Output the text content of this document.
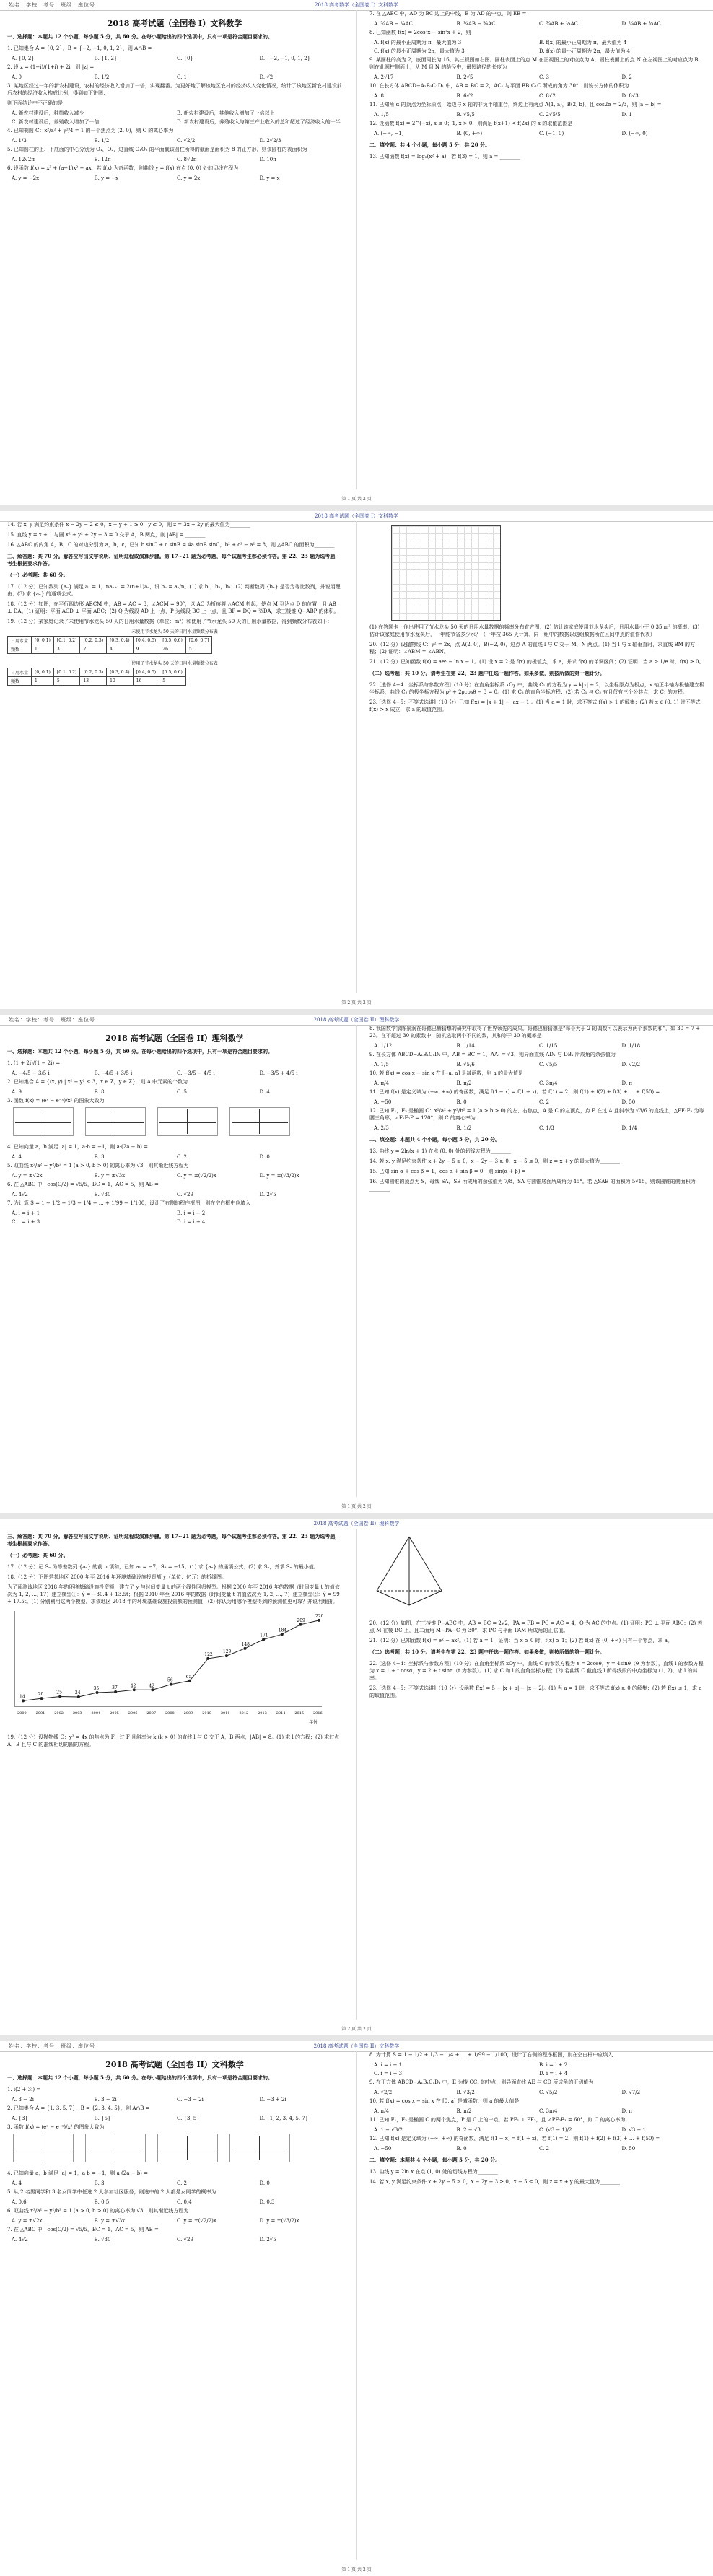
姓名：学校：考号：班级：座位号	2018 高考数学（全国卷 I）文科数学
2018 高考试题（全国卷 I）文科数学
一、选择题：本题共 12 个小题，每小题 5 分，共 60 分。在每小题给出的四个选项中，只有一项是符合题目要求的。
1. 已知集合 A = {0, 2}，B = {−2, −1, 0, 1, 2}，则 A∩B =
A. {0, 2}	B. {1, 2}	C. {0}	D. {−2, −1, 0, 1, 2}
2. 设 z = (1−i)/(1+i) + 2i，则 |z| =
A. 0	B. 1/2	C. 1	D. √2
3. 某地区经过一年的新农村建设，农村的经济收入增加了一倍，实现翻番。为更好地了解该地区农村的经济收入变化情况，统计了该地区新农村建设前后农村的经济收入构成比例，得到如下饼图：
则下面结论中不正确的是
A. 新农村建设后，种植收入减少	B. 新农村建设后，其他收入增加了一倍以上
C. 新农村建设后，养殖收入增加了一倍	D. 新农村建设后，养殖收入与第三产业收入的总和超过了经济收入的一半
4. 已知椭圆 C：x²/a² + y²/4 = 1 的一个焦点为 (2, 0)，则 C 的离心率为
A. 1/3	B. 1/2	C. √2/2	D. 2√2/3
5. 已知圆柱的上、下底面的中心分别为 O₁，O₂，过直线 O₁O₂ 的平面截该圆柱所得的截面是面积为 8 的正方形，则该圆柱的表面积为
A. 12√2π	B. 12π	C. 8√2π	D. 10π
6. 设函数 f(x) = x³ + (a−1)x² + ax，若 f(x) 为奇函数，则曲线 y = f(x) 在点 (0, 0) 处的切线方程为
A. y = −2x	B. y = −x	C. y = 2x	D. y = x
7. 在 △ABC 中，AD 为 BC 边上的中线，E 为 AD 的中点，则 EB =
A. ¾AB − ¼AC	B. ¼AB − ¾AC	C. ¾AB + ¼AC	D. ¼AB + ¾AC
8. 已知函数 f(x) = 2cos²x − sin²x + 2，则
A. f(x) 的最小正周期为 π，最大值为 3	B. f(x) 的最小正周期为 π，最大值为 4
C. f(x) 的最小正周期为 2π，最大值为 3	D. f(x) 的最小正周期为 2π，最大值为 4
9. 某圆柱的高为 2，底面周长为 16，其三视图如右图。圆柱表面上的点 M 在正视图上的对应点为 A，圆柱表面上的点 N 在左视图上的对应点为 B，则在此圆柱侧面上，从 M 到 N 的路径中，最短路径的长度为
A. 2√17	B. 2√5	C. 3	D. 2
10. 在长方体 ABCD−A₁B₁C₁D₁ 中，AB = BC = 2，AC₁ 与平面 BB₁C₁C 所成的角为 30°，则该长方体的体积为
A. 8	B. 6√2	C. 8√2	D. 8√3
11. 已知角 α 的顶点为坐标原点，始边与 x 轴的非负半轴重合，终边上有两点 A(1, a)，B(2, b)，且 cos2α = 2/3，则 |a − b| =
A. 1/5	B. √5/5	C. 2√5/5	D. 1
12. 设函数 f(x) = 2^(−x), x ≤ 0；1, x > 0，则满足 f(x+1) < f(2x) 的 x 的取值范围是
A. (−∞, −1]	B. (0, +∞)	C. (−1, 0)	D. (−∞, 0)
二、填空题：共 4 个小题，每小题 5 分，共 20 分。
13. 已知函数 f(x) = log₂(x² + a)，若 f(3) = 1，则 a = ________
第 1 页 共 2 页
2018 高考试题（全国卷 I）文科数学
14. 若 x, y 满足约束条件 x − 2y − 2 ≤ 0，x − y + 1 ≥ 0，y ≤ 0，则 z = 3x + 2y 的最大值为________
15. 直线 y = x + 1 与圆 x² + y² + 2y − 3 = 0 交于 A，B 两点，则 |AB| = ________
16. △ABC 的内角 A，B，C 的对边分别为 a，b，c，已知 b sinC + c sinB = 4a sinB sinC，b² + c² − a² = 8，则 △ABC 的面积为________
三、解答题：共 70 分。解答应写出文字说明、证明过程或演算步骤。第 17~21 题为必考题，每个试题考生都必须作答。第 22、23 题为选考题，考生根据要求作答。
（一）必考题：共 60 分。
17.（12 分）已知数列 {aₙ} 满足 a₁ = 1，naₙ₊₁ = 2(n+1)aₙ，设 bₙ = aₙ/n。(1) 求 b₁，b₂，b₃；(2) 判断数列 {bₙ} 是否为等比数列，并说明理由；(3) 求 {aₙ} 的通项公式。
18.（12 分）如图，在平行四边形 ABCM 中，AB = AC = 3，∠ACM = 90°，以 AC 为折痕将 △ACM 折起，使点 M 到达点 D 的位置，且 AB ⊥ DA。(1) 证明：平面 ACD ⊥ 平面 ABC；(2) Q 为线段 AD 上一点，P 为线段 BC 上一点，且 BP = DQ = ⅔DA，求三棱锥 Q−ABP 的体积。
19.（12 分）某家庭记录了未使用节水龙头 50 天的日用水量数据（单位：m³）和使用了节水龙头 50 天的日用水量数据，得到频数分布表如下：
未使用节水龙头 50 天的日用水量频数分布表
日用水量	[0, 0.1)	[0.1, 0.2)	[0.2, 0.3)	[0.3, 0.4)	[0.4, 0.5)	[0.5, 0.6)	[0.6, 0.7]
频数	1	3	2	4	9	26	5
使用了节水龙头 50 天的日用水量频数分布表
日用水量	[0, 0.1)	[0.1, 0.2)	[0.2, 0.3)	[0.3, 0.4)	[0.4, 0.5)	[0.5, 0.6)
频数	1	5	13	10	16	5
(1) 在答题卡上作出使用了节水龙头 50 天的日用水量数据的频率分布直方图；(2) 估计该家庭使用节水龙头后，日用水量小于 0.35 m³ 的概率；(3) 估计该家庭使用节水龙头后，一年能节省多少水？（一年按 365 天计算，同一组中的数据以这组数据所在区间中点的值作代表）
20.（12 分）设抛物线 C：y² = 2x，点 A(2, 0)，B(−2, 0)，过点 A 的直线 l 与 C 交于 M，N 两点。(1) 当 l 与 x 轴垂直时，求直线 BM 的方程；(2) 证明：∠ABM = ∠ABN。
21.（12 分）已知函数 f(x) = aeˣ − ln x − 1。(1) 设 x = 2 是 f(x) 的极值点，求 a，并求 f(x) 的单调区间；(2) 证明：当 a ≥ 1/e 时，f(x) ≥ 0。
（二）选考题：共 10 分。请考生在第 22、23 题中任选一题作答。如果多做，则按所做的第一题计分。
22. [选修 4−4：坐标系与参数方程]（10 分）在直角坐标系 xOy 中，曲线 C₁ 的方程为 y = k|x| + 2，以坐标原点为极点，x 轴正半轴为极轴建立极坐标系，曲线 C₂ 的极坐标方程为 ρ² + 2ρcosθ − 3 = 0。(1) 求 C₂ 的直角坐标方程；(2) 若 C₁ 与 C₂ 有且仅有三个公共点，求 C₁ 的方程。
23. [选修 4−5：不等式选讲]（10 分）已知 f(x) = |x + 1| − |ax − 1|。(1) 当 a = 1 时，求不等式 f(x) > 1 的解集；(2) 若 x ∈ (0, 1) 时不等式 f(x) > x 成立，求 a 的取值范围。
第 2 页 共 2 页
姓名：学校：考号：班级：座位号	2018 高考试题（全国卷 II）理科数学
2018 高考试题（全国卷 II）理科数学
一、选择题：本题共 12 个小题，每小题 5 分，共 60 分。在每小题给出的四个选项中，只有一项是符合题目要求的。
1. (1 + 2i)/(1 − 2i) =
A. −4/5 − 3/5 i	B. −4/5 + 3/5 i	C. −3/5 − 4/5 i	D. −3/5 + 4/5 i
2. 已知集合 A = {(x, y) | x² + y² ≤ 3，x ∈ Z，y ∈ Z}，则 A 中元素的个数为
A. 9	B. 8	C. 5	D. 4
3. 函数 f(x) = (eˣ − e⁻ˣ)/x² 的图象大致为
4. 已知向量 a，b 满足 |a| = 1，a·b = −1，则 a·(2a − b) =
A. 4	B. 3	C. 2	D. 0
5. 双曲线 x²/a² − y²/b² = 1 (a > 0, b > 0) 的离心率为 √3，则其渐近线方程为
A. y = ±√2x	B. y = ±√3x	C. y = ±(√2/2)x	D. y = ±(√3/2)x
6. 在 △ABC 中，cos(C/2) = √5/5，BC = 1，AC = 5，则 AB =
A. 4√2	B. √30	C. √29	D. 2√5
7. 为计算 S = 1 − 1/2 + 1/3 − 1/4 + … + 1/99 − 1/100，设计了右侧的程序框图，则在空白框中应填入
A. i = i + 1	B. i = i + 2
C. i = i + 3	D. i = i + 4
8. 我国数学家陈景润在哥德巴赫猜想的研究中取得了世界领先的成果。哥德巴赫猜想是“每个大于 2 的偶数可以表示为两个素数的和”，如 30 = 7 + 23。在不超过 30 的素数中，随机选取两个不同的数，其和等于 30 的概率是
A. 1/12	B. 1/14	C. 1/15	D. 1/18
9. 在长方体 ABCD−A₁B₁C₁D₁ 中，AB = BC = 1，AA₁ = √3，则异面直线 AD₁ 与 DB₁ 所成角的余弦值为
A. 1/5	B. √5/6	C. √5/5	D. √2/2
10. 若 f(x) = cos x − sin x 在 [−a, a] 是减函数，则 a 的最大值是
A. π/4	B. π/2	C. 3π/4	D. π
11. 已知 f(x) 是定义域为 (−∞, +∞) 的奇函数，满足 f(1 − x) = f(1 + x)。若 f(1) = 2，则 f(1) + f(2) + f(3) + … + f(50) =
A. −50	B. 0	C. 2	D. 50
12. 已知 F₁，F₂ 是椭圆 C：x²/a² + y²/b² = 1 (a > b > 0) 的左、右焦点，A 是 C 的左顶点，点 P 在过 A 且斜率为 √3/6 的直线上，△PF₁F₂ 为等腰三角形，∠F₁F₂P = 120°，则 C 的离心率为
A. 2/3	B. 1/2	C. 1/3	D. 1/4
二、填空题：本题共 4 个小题，每小题 5 分，共 20 分。
13. 曲线 y = 2ln(x + 1) 在点 (0, 0) 处的切线方程为________
14. 若 x, y 满足约束条件 x + 2y − 5 ≥ 0，x − 2y + 3 ≥ 0，x − 5 ≤ 0，则 z = x + y 的最大值为________
15. 已知 sin α + cos β = 1，cos α + sin β = 0，则 sin(α + β) = ________
16. 已知圆锥的顶点为 S，母线 SA，SB 所成角的余弦值为 7/8，SA 与圆锥底面所成角为 45°。若 △SAB 的面积为 5√15，则该圆锥的侧面积为________
第 1 页 共 2 页
2018 高考试题（全国卷 II）理科数学
三、解答题：共 70 分。解答应写出文字说明、证明过程或演算步骤。第 17~21 题为必考题，每个试题考生都必须作答。第 22、23 题为选考题，考生根据要求作答。
（一）必考题：共 60 分。
17.（12 分）记 Sₙ 为等差数列 {aₙ} 的前 n 项和，已知 a₁ = −7，S₃ = −15。(1) 求 {aₙ} 的通项公式；(2) 求 Sₙ，并求 Sₙ 的最小值。
18.（12 分）下图是某地区 2000 年至 2016 年环境基础设施投资额 y（单位：亿元）的折线图。
为了预测该地区 2018 年的环境基础设施投资额，建立了 y 与时间变量 t 的两个线性回归模型。根据 2000 年至 2016 年的数据（时间变量 t 的值依次为 1, 2, …, 17）建立模型①：ŷ = −30.4 + 13.5t；根据 2010 年至 2016 年的数据（时间变量 t 的值依次为 1, 2, …, 7）建立模型②：ŷ = 99 + 17.5t。(1) 分别利用这两个模型，求该地区 2018 年的环境基础设施投资额的预测值；(2) 你认为用哪个模型得到的预测值更可靠？并说明理由。
14
2000
20
2001
25
2002
24
2003
35
2004
37
2005
42
2006
42
2007
56
2008
65
2009
122
2010
129
2011
148
2012
171
2013
184
2014
209
2015
220
2016
年份
19.（12 分）设抛物线 C：y² = 4x 的焦点为 F，过 F 且斜率为 k (k > 0) 的直线 l 与 C 交于 A，B 两点，|AB| = 8。(1) 求 l 的方程；(2) 求过点 A，B 且与 C 的准线相切的圆的方程。
20.（12 分）如图，在三棱锥 P−ABC 中，AB = BC = 2√2，PA = PB = PC = AC = 4，O 为 AC 的中点。(1) 证明：PO ⊥ 平面 ABC；(2) 若点 M 在棱 BC 上，且二面角 M−PA−C 为 30°，求 PC 与平面 PAM 所成角的正弦值。
21.（12 分）已知函数 f(x) = eˣ − ax²。(1) 若 a = 1，证明：当 x ≥ 0 时，f(x) ≥ 1；(2) 若 f(x) 在 (0, +∞) 只有一个零点，求 a。
（二）选考题：共 10 分。请考生在第 22、23 题中任选一题作答。如果多做，则按所做的第一题计分。
22. [选修 4−4：坐标系与参数方程]（10 分）在直角坐标系 xOy 中，曲线 C 的参数方程为 x = 2cosθ，y = 4sinθ（θ 为参数），直线 l 的参数方程为 x = 1 + t cosα，y = 2 + t sinα（t 为参数）。(1) 求 C 和 l 的直角坐标方程；(2) 若曲线 C 截直线 l 所得线段的中点坐标为 (1, 2)，求 l 的斜率。
23. [选修 4−5：不等式选讲]（10 分）设函数 f(x) = 5 − |x + a| − |x − 2|。(1) 当 a = 1 时，求不等式 f(x) ≥ 0 的解集；(2) 若 f(x) ≤ 1，求 a 的取值范围。
第 2 页 共 2 页
姓名：学校：考号：班级：座位号	2018 高考试题（全国卷 II）文科数学
2018 高考试题（全国卷 II）文科数学
一、选择题：本题共 12 个小题，每小题 5 分，共 60 分。在每小题给出的四个选项中，只有一项是符合题目要求的。
1. i(2 + 3i) =
A. 3 − 2i	B. 3 + 2i	C. −3 − 2i	D. −3 + 2i
2. 已知集合 A = {1, 3, 5, 7}，B = {2, 3, 4, 5}，则 A∩B =
A. {3}	B. {5}	C. {3, 5}	D. {1, 2, 3, 4, 5, 7}
3. 函数 f(x) = (eˣ − e⁻ˣ)/x² 的图象大致为
4. 已知向量 a，b 满足 |a| = 1，a·b = −1，则 a·(2a − b) =
A. 4	B. 3	C. 2	D. 0
5. 从 2 名男同学和 3 名女同学中任选 2 人参加社区服务，则选中的 2 人都是女同学的概率为
A. 0.6	B. 0.5	C. 0.4	D. 0.3
6. 双曲线 x²/a² − y²/b² = 1 (a > 0, b > 0) 的离心率为 √3，则其渐近线方程为
A. y = ±√2x	B. y = ±√3x	C. y = ±(√2/2)x	D. y = ±(√3/2)x
7. 在 △ABC 中，cos(C/2) = √5/5，BC = 1，AC = 5，则 AB =
A. 4√2	B. √30	C. √29	D. 2√5
8. 为计算 S = 1 − 1/2 + 1/3 − 1/4 + … + 1/99 − 1/100，设计了右侧的程序框图，则在空白框中应填入
A. i = i + 1	B. i = i + 2
C. i = i + 3	D. i = i + 4
9. 在正方体 ABCD−A₁B₁C₁D₁ 中，E 为棱 CC₁ 的中点，则异面直线 AE 与 CD 所成角的正切值为
A. √2/2	B. √3/2	C. √5/2	D. √7/2
10. 若 f(x) = cos x − sin x 在 [0, a] 是减函数，则 a 的最大值是
A. π/4	B. π/2	C. 3π/4	D. π
11. 已知 F₁，F₂ 是椭圆 C 的两个焦点，P 是 C 上的一点，若 PF₁ ⊥ PF₂，且 ∠PF₂F₁ = 60°，则 C 的离心率为
A. 1 − √3/2	B. 2 − √3	C. (√3 − 1)/2	D. √3 − 1
12. 已知 f(x) 是定义域为 (−∞, +∞) 的奇函数，满足 f(1 − x) = f(1 + x)。若 f(1) = 2，则 f(1) + f(2) + f(3) + … + f(50) =
A. −50	B. 0	C. 2	D. 50
二、填空题：本题共 4 个小题，每小题 5 分，共 20 分。
13. 曲线 y = 2ln x 在点 (1, 0) 处的切线方程为________
14. 若 x, y 满足约束条件 x + 2y − 5 ≥ 0，x − 2y + 3 ≥ 0，x − 5 ≤ 0，则 z = x + y 的最大值为________
第 1 页 共 2 页
